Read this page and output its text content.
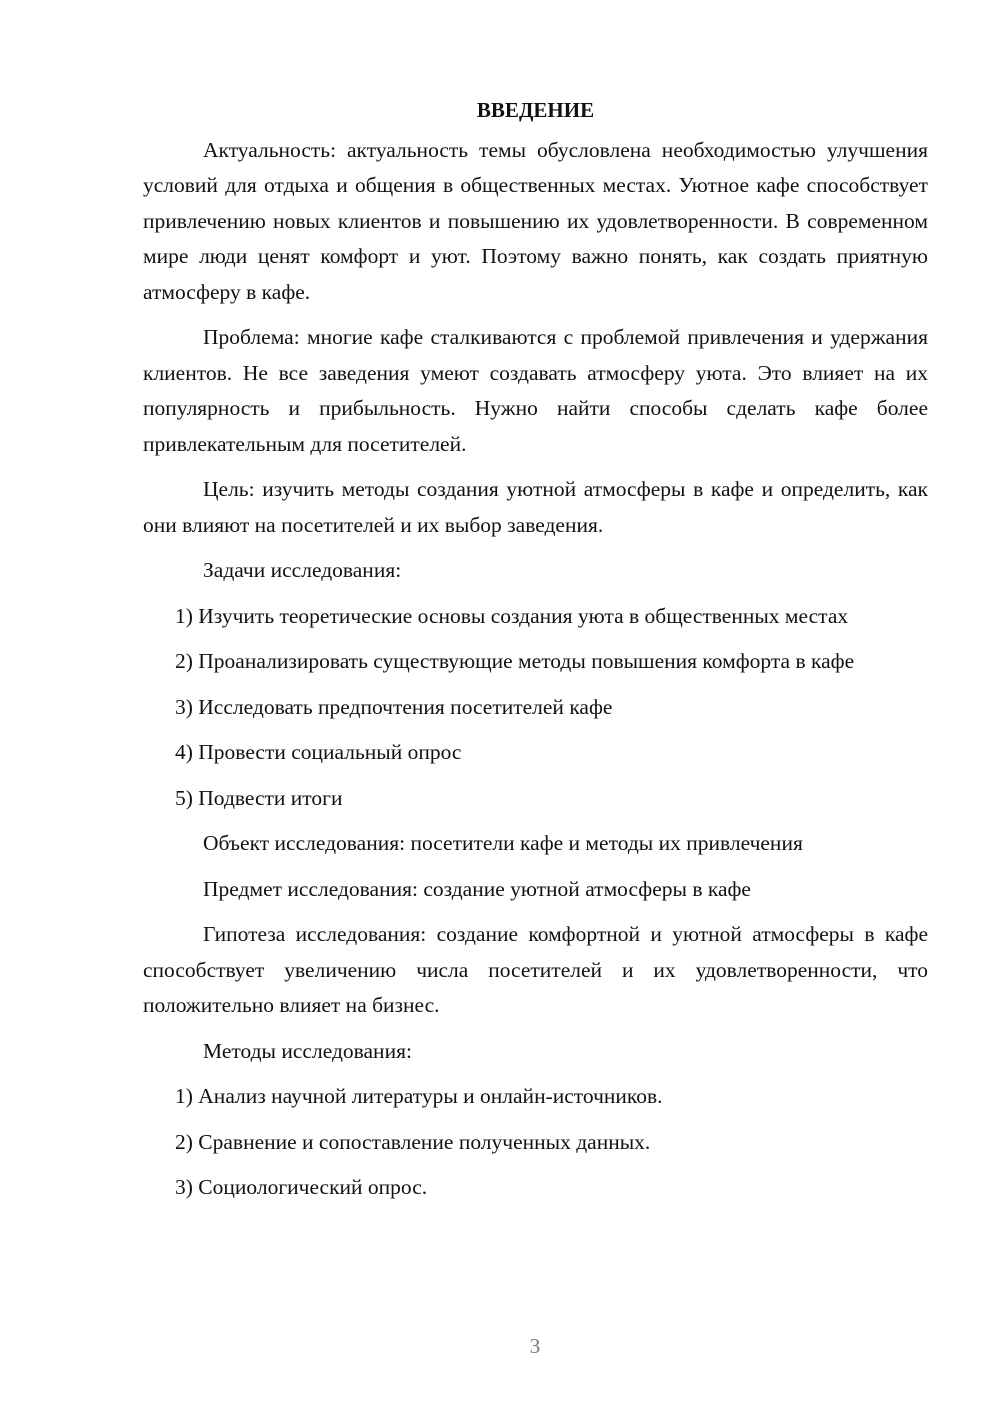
ВВЕДЕНИЕ

Актуальность: актуальность темы обусловлена необходимостью улучшения условий для отдыха и общения в общественных местах. Уютное кафе способствует привлечению новых клиентов и повышению их удовлетворенности. В современном мире люди ценят комфорт и уют. Поэтому важно понять, как создать приятную атмосферу в кафе.

Проблема: многие кафе сталкиваются с проблемой привлечения и удержания клиентов. Не все заведения умеют создавать атмосферу уюта. Это влияет на их популярность и прибыльность. Нужно найти способы сделать кафе более привлекательным для посетителей.

Цель: изучить методы создания уютной атмосферы в кафе и определить, как они влияют на посетителей и их выбор заведения.

Задачи исследования:

1) Изучить теоретические основы создания уюта в общественных местах

2) Проанализировать существующие методы повышения комфорта в кафе

3) Исследовать предпочтения посетителей кафе

4) Провести социальный опрос

5) Подвести итоги

Объект исследования: посетители кафе и методы их привлечения

Предмет исследования: создание уютной атмосферы в кафе

Гипотеза исследования: создание комфортной и уютной атмосферы в кафе способствует увеличению числа посетителей и их удовлетворенности, что положительно влияет на бизнес.

Методы исследования:

1) Анализ научной литературы и онлайн-источников.

2) Сравнение и сопоставление полученных данных.

3) Социологический опрос.

3
